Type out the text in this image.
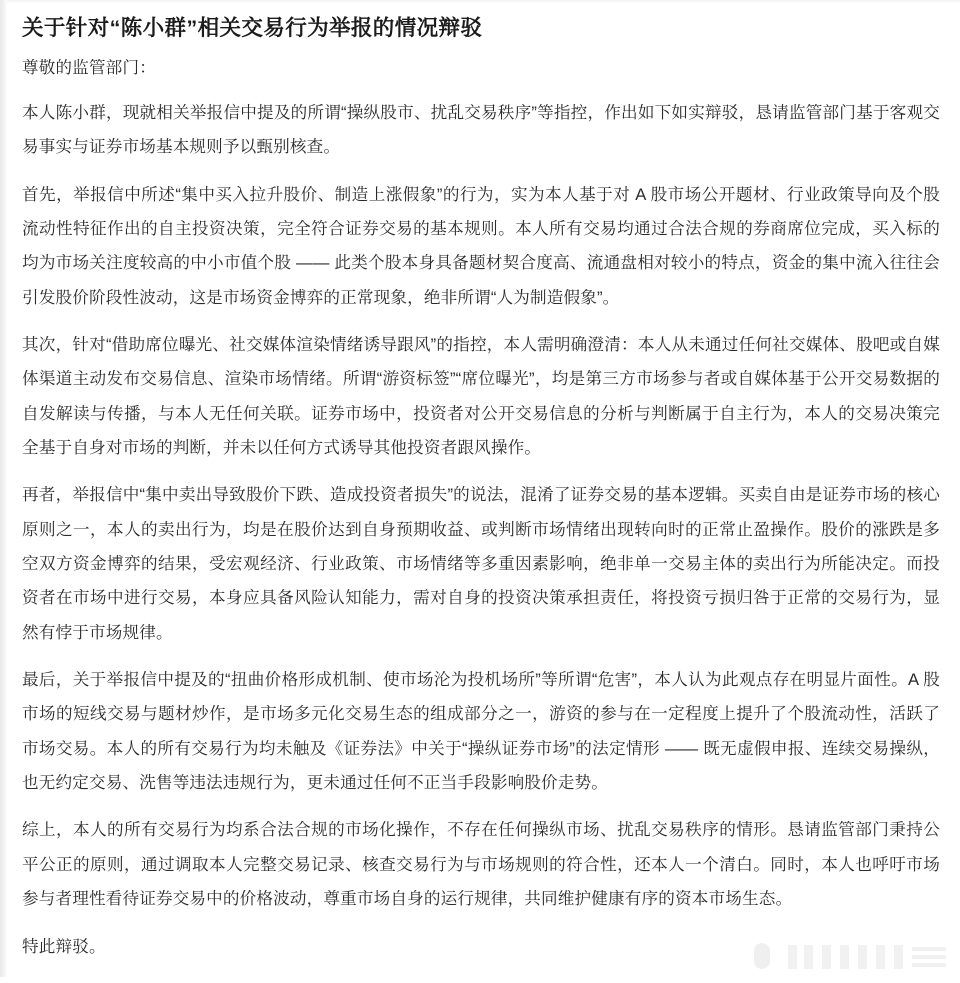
关于针对“陈小群”相关交易行为举报的情况辩驳

尊敬的监管部门：

本人陈小群，现就相关举报信中提及的所谓“操纵股市、扰乱交易秩序”等指控，作出如下如实辩驳，恳请监管部门基于客观交易事实与证券市场基本规则予以甄别核查。

首先，举报信中所述“集中买入拉升股价、制造上涨假象”的行为，实为本人基于对 A 股市场公开题材、行业政策导向及个股流动性特征作出的自主投资决策，完全符合证券交易的基本规则。本人所有交易均通过合法合规的券商席位完成，买入标的均为市场关注度较高的中小市值个股 —— 此类个股本身具备题材契合度高、流通盘相对较小的特点，资金的集中流入往往会引发股价阶段性波动，这是市场资金博弈的正常现象，绝非所谓“人为制造假象”。

其次，针对“借助席位曝光、社交媒体渲染情绪诱导跟风”的指控，本人需明确澄清：本人从未通过任何社交媒体、股吧或自媒体渠道主动发布交易信息、渲染市场情绪。所谓“游资标签”“席位曝光”，均是第三方市场参与者或自媒体基于公开交易数据的自发解读与传播，与本人无任何关联。证券市场中，投资者对公开交易信息的分析与判断属于自主行为，本人的交易决策完全基于自身对市场的判断，并未以任何方式诱导其他投资者跟风操作。

再者，举报信中“集中卖出导致股价下跌、造成投资者损失”的说法，混淆了证券交易的基本逻辑。买卖自由是证券市场的核心原则之一，本人的卖出行为，均是在股价达到自身预期收益、或判断市场情绪出现转向时的正常止盈操作。股价的涨跌是多空双方资金博弈的结果，受宏观经济、行业政策、市场情绪等多重因素影响，绝非单一交易主体的卖出行为所能决定。而投资者在市场中进行交易，本身应具备风险认知能力，需对自身的投资决策承担责任，将投资亏损归咎于正常的交易行为，显然有悖于市场规律。

最后，关于举报信中提及的“扭曲价格形成机制、使市场沦为投机场所”等所谓“危害”，本人认为此观点存在明显片面性。A 股市场的短线交易与题材炒作，是市场多元化交易生态的组成部分之一，游资的参与在一定程度上提升了个股流动性，活跃了市场交易。本人的所有交易行为均未触及《证券法》中关于“操纵证券市场”的法定情形 —— 既无虚假申报、连续交易操纵，也无约定交易、洗售等违法违规行为，更未通过任何不正当手段影响股价走势。

综上，本人的所有交易行为均系合法合规的市场化操作，不存在任何操纵市场、扰乱交易秩序的情形。恳请监管部门秉持公平公正的原则，通过调取本人完整交易记录、核查交易行为与市场规则的符合性，还本人一个清白。同时，本人也呼吁市场参与者理性看待证券交易中的价格波动，尊重市场自身的运行规律，共同维护健康有序的资本市场生态。

特此辩驳。
